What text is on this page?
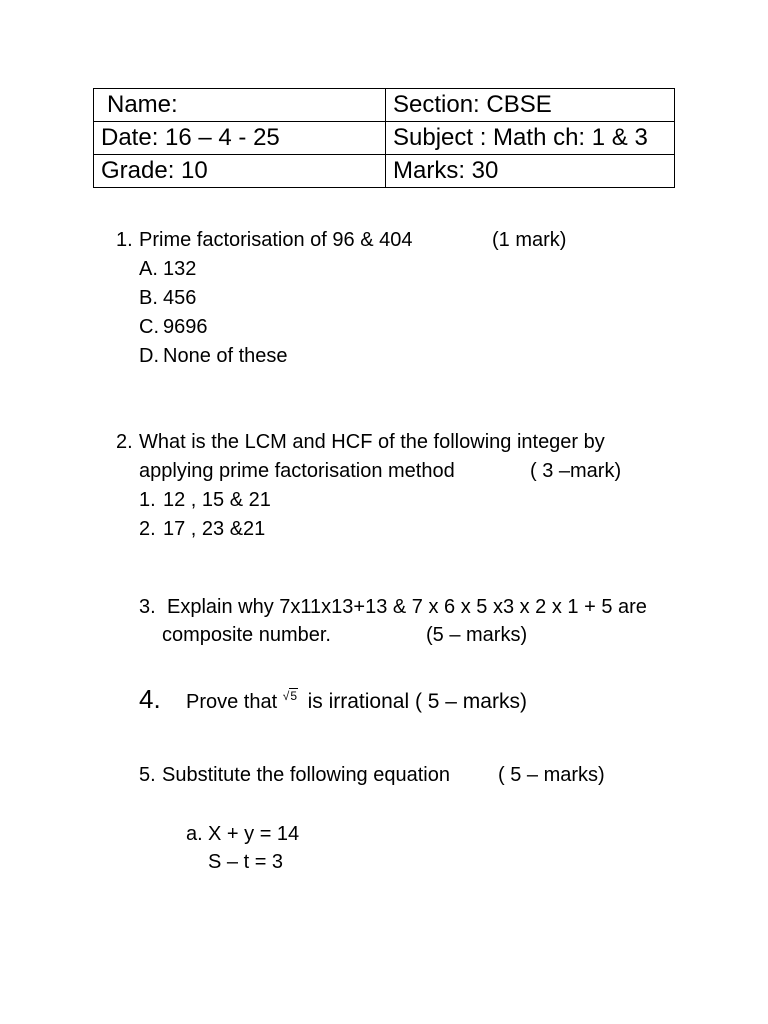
Name:	Section: CBSE
Date: 16 – 4 - 25	Subject : Math ch: 1 & 3
Grade: 10	Marks: 30
1. Prime factorisation of 96 & 404	(1 mark)
A. 132
B. 456
C. 9696
D. None of these
2. What is the LCM and HCF of the following integer by
applying prime factorisation method	( 3 –mark)
1. 12 , 15 & 21
2. 17 , 23 &21
3. Explain why 7x11x13+13 & 7 x 6 x 5 x3 x 2 x 1 + 5 are
composite number.	(5 – marks)
4. Prove that $^{√5}$ is irrational ( 5 – marks)
5. Substitute the following equation ( 5 – marks)
a. X + y = 14
S – t = 3
